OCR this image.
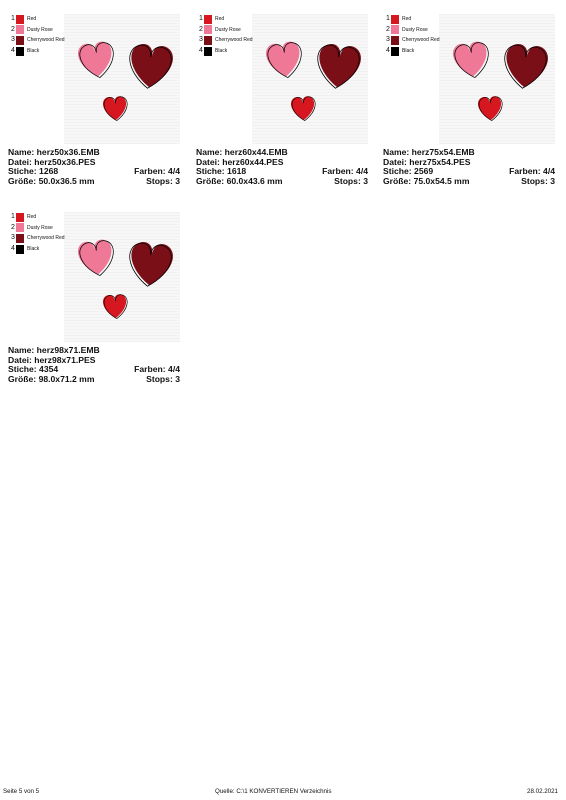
1 Red
2 Dusty Rose
3 Cherrywood Red
4 Black
Name: herz50x36.EMB
Datei: herz50x36.PES
Stiche: 1268	Farben: 4/4
Größe: 50.0x36.5 mm	Stops: 3
1 Red
2 Dusty Rose
3 Cherrywood Red
4 Black
Name: herz60x44.EMB
Datei: herz60x44.PES
Stiche: 1618	Farben: 4/4
Größe: 60.0x43.6 mm	Stops: 3
1 Red
2 Dusty Rose
3 Cherrywood Red
4 Black
Name: herz75x54.EMB
Datei: herz75x54.PES
Stiche: 2569	Farben: 4/4
Größe: 75.0x54.5 mm	Stops: 3
1 Red
2 Dusty Rose
3 Cherrywood Red
4 Black
Name: herz98x71.EMB
Datei: herz98x71.PES
Stiche: 4354	Farben: 4/4
Größe: 98.0x71.2 mm	Stops: 3
Seite 5 von 5	Quelle: C:\1 KONVERTIEREN Verzeichnis	28.02.2021
